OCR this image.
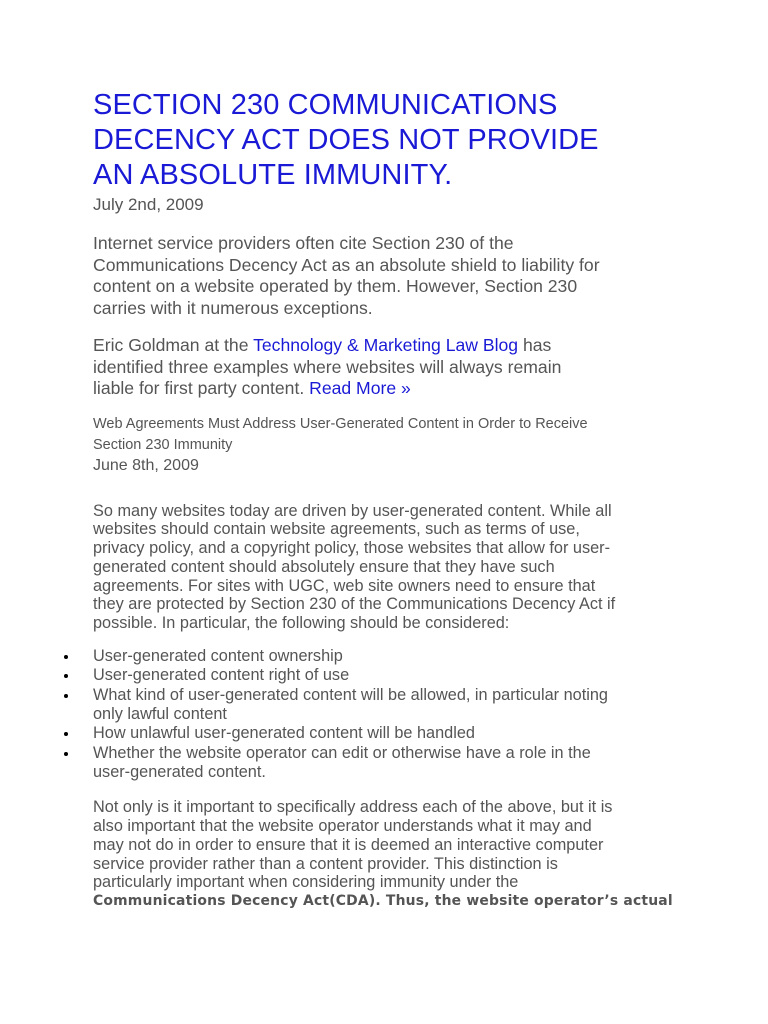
SECTION 230 COMMUNICATIONS
DECENCY ACT DOES NOT PROVIDE
AN ABSOLUTE IMMUNITY.
July 2nd, 2009
Internet service providers often cite Section 230 of the
Communications Decency Act as an absolute shield to liability for
content on a website operated by them. However, Section 230
carries with it numerous exceptions.
Eric Goldman at the Technology & Marketing Law Blog has
identified three examples where websites will always remain
liable for first party content. Read More »
Web Agreements Must Address User-Generated Content in Order to Receive
Section 230 Immunity
June 8th, 2009
So many websites today are driven by user-generated content. While all
websites should contain website agreements, such as terms of use,
privacy policy, and a copyright policy, those websites that allow for user-
generated content should absolutely ensure that they have such
agreements. For sites with UGC, web site owners need to ensure that
they are protected by Section 230 of the Communications Decency Act if
possible. In particular, the following should be considered:
User-generated content ownership
User-generated content right of use
What kind of user-generated content will be allowed, in particular noting
only lawful content
How unlawful user-generated content will be handled
Whether the website operator can edit or otherwise have a role in the
user-generated content.
Not only is it important to specifically address each of the above, but it is
also important that the website operator understands what it may and
may not do in order to ensure that it is deemed an interactive computer
service provider rather than a content provider. This distinction is
particularly important when considering immunity under the
Communications Decency Act(CDA). Thus, the website operator’s actual
